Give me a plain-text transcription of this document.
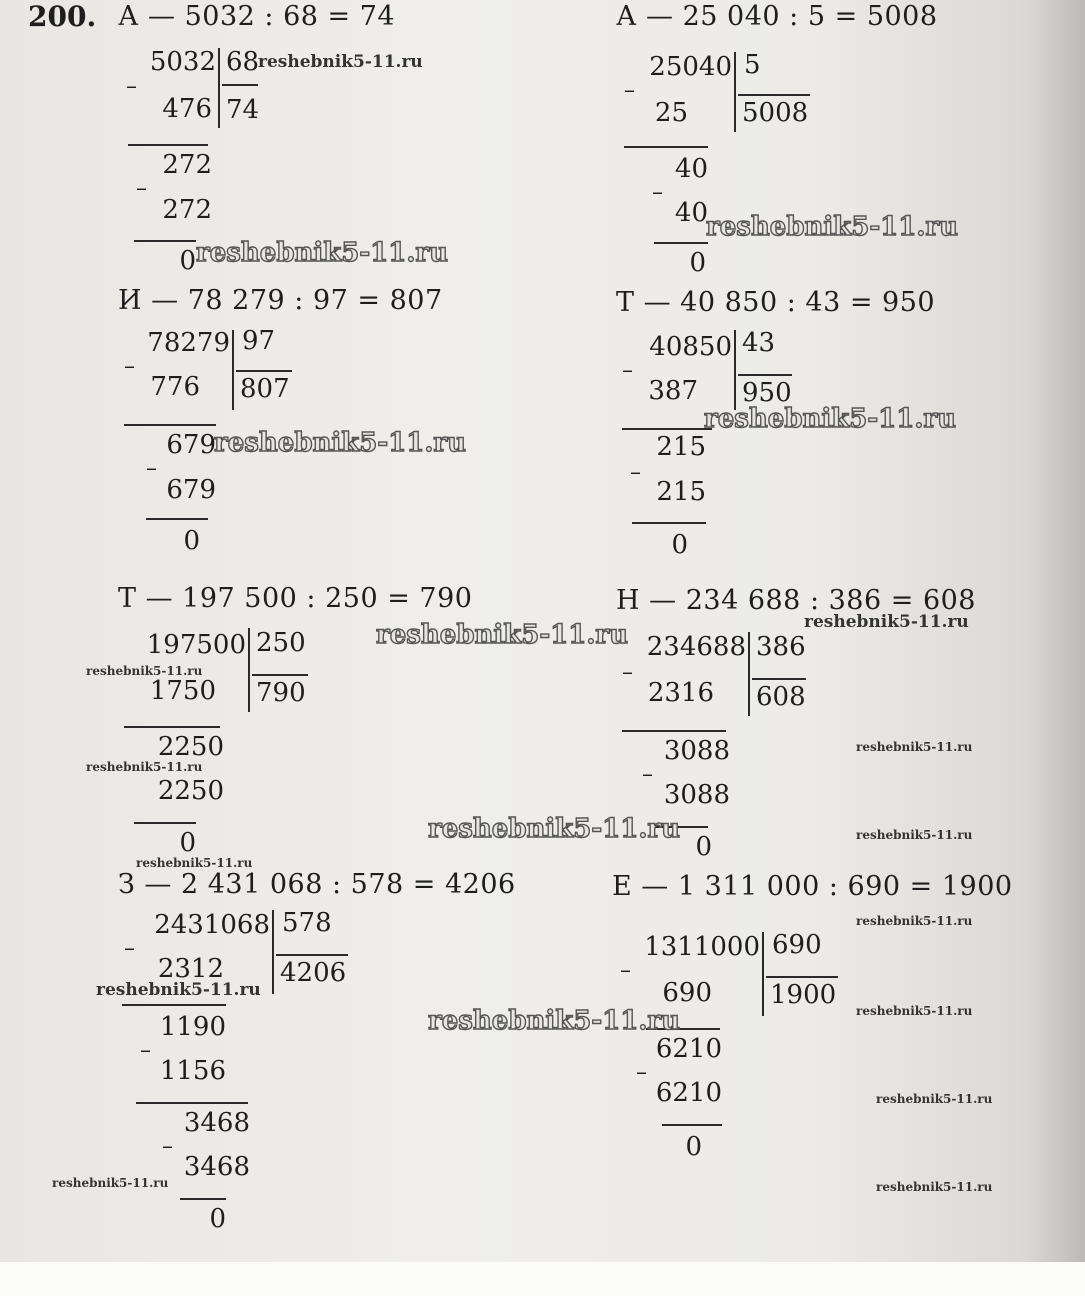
200. А — 5032 : 68 = 74
5032 68
74
–
476
272
–
272
0
А — 25 040 : 5 = 5008
25040 5
5008
–
25
40
–
40
0
И — 78 279 : 97 = 807
78279 97
807
–
776
679
–
679
0
Т — 40 850 : 43 = 950
40850 43
950
–
387
215
–
215
0
Т — 197 500 : 250 = 790
197500 250
790
1750
2250
2250
0
Н — 234 688 : 386 = 608
234688 386
608
–
2316
3088
–
3088
0
З — 2 431 068 : 578 = 4206
2431068 578
4206
–
2312
1190
–
1156
3468
–
3468
0
Е — 1 311 000 : 690 = 1900
1311000 690
1900
–
690
6210
–
6210
0
reshebnik5-11.ru
reshebnik5-11.ru
reshebnik5-11.ru
reshebnik5-11.ru
reshebnik5-11.ru
reshebnik5-11.ru	reshebnik5-11.ru
reshebnik5-11.ru
reshebnik5-11.ru
reshebnik5-11.ru
reshebnik5-11.ru	reshebnik5-11.ru
reshebnik5-11.ru
reshebnik5-11.ru
reshebnik5-11.ru
reshebnik5-11.ru	reshebnik5-11.ru
reshebnik5-11.ru
reshebnik5-11.ru	reshebnik5-11.ru
